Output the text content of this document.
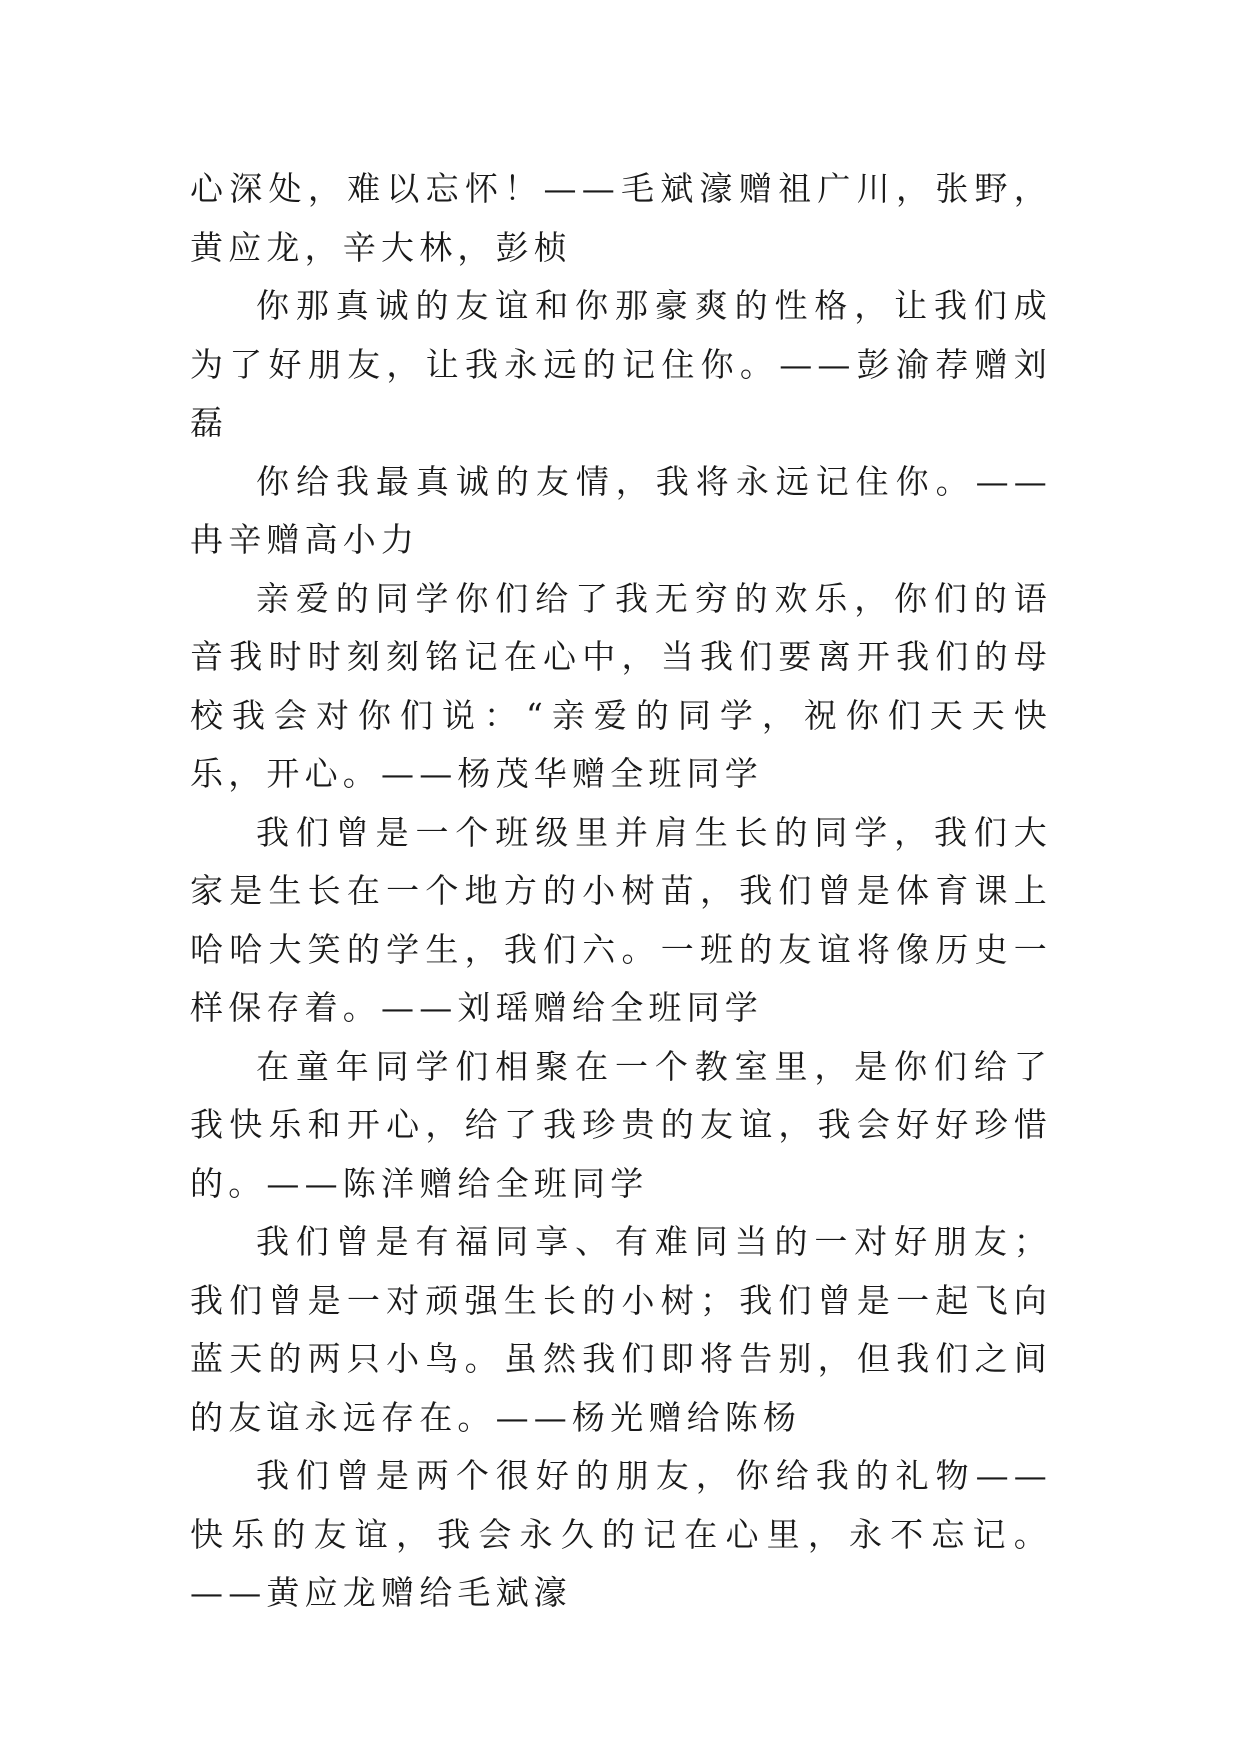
心深处，难以忘怀！——毛斌濠赠祖广川，张野，黄应龙，辛大林，彭桢

你那真诚的友谊和你那豪爽的性格，让我们成为了好朋友，让我永远的记住你。——彭渝荐赠刘磊

你给我最真诚的友情，我将永远记住你。——冉辛赠高小力

亲爱的同学你们给了我无穷的欢乐，你们的语音我时时刻刻铭记在心中，当我们要离开我们的母校我会对你们说：“亲爱的同学，祝你们天天快乐，开心。——杨茂华赠全班同学

我们曾是一个班级里并肩生长的同学，我们大家是生长在一个地方的小树苗，我们曾是体育课上哈哈大笑的学生，我们六。一班的友谊将像历史一样保存着。——刘瑶赠给全班同学

在童年同学们相聚在一个教室里，是你们给了我快乐和开心，给了我珍贵的友谊，我会好好珍惜的。——陈洋赠给全班同学

我们曾是有福同享、有难同当的一对好朋友；我们曾是一对顽强生长的小树；我们曾是一起飞向蓝天的两只小鸟。虽然我们即将告别，但我们之间的友谊永远存在。——杨光赠给陈杨

我们曾是两个很好的朋友，你给我的礼物——快乐的友谊，我会永久的记在心里，永不忘记。——黄应龙赠给毛斌濠
